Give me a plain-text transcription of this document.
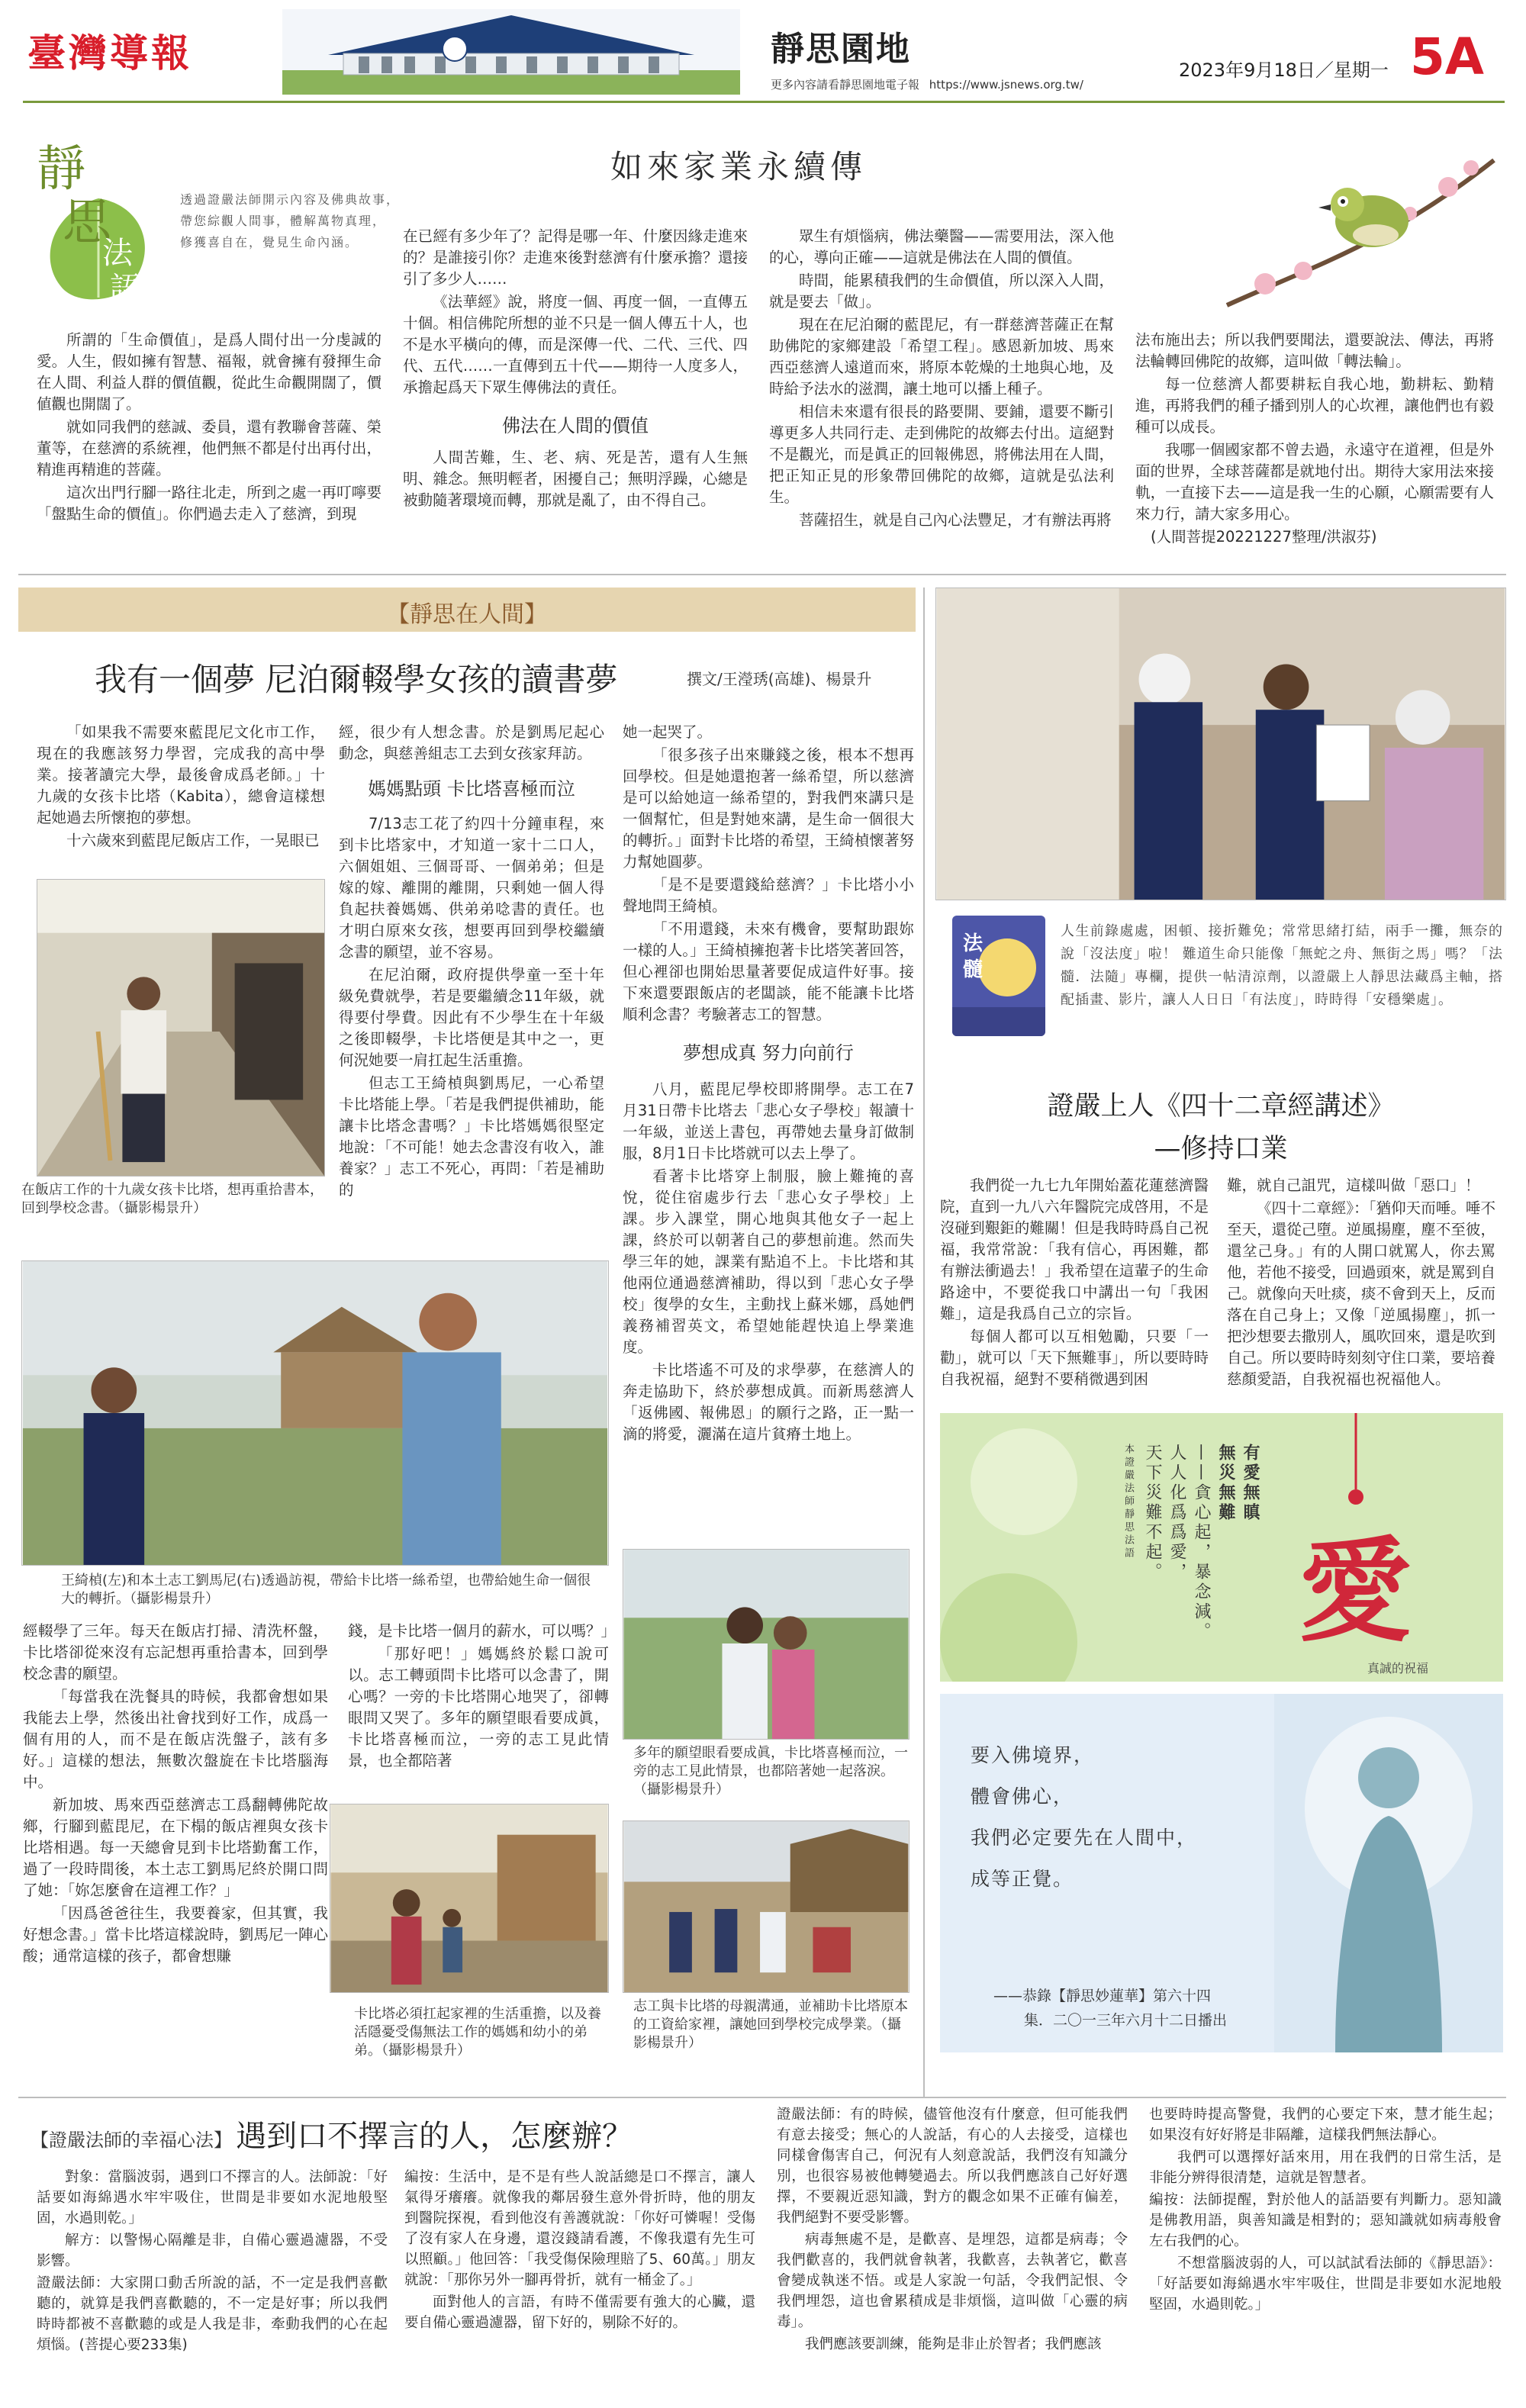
臺灣導報	靜思園地
更多內容請看靜思園地電子報 https://www.jsnews.org.tw/
2023年9月18日／星期一 5A
靜
思
法
語
透過證嚴法師開示內容及佛典故事，
帶您綜觀人間事，體解萬物真理，
修獲喜自在，覺見生命內涵。
如來家業永續傳

所謂的「生命價值」，是爲人間付出一分虔誠的愛。人生，假如擁有智慧、福報，就會擁有發揮生命在人間、利益人群的價值觀，從此生命觀開闊了，價値觀也開闊了。

就如同我們的慈誠、委員，還有教聯會菩薩、榮董等，在慈濟的系統裡，他們無不都是付出再付出，精進再精進的菩薩。

這次出門行腳一路往北走，所到之處一再叮嚀要「盤點生命的價值」。你們過去走入了慈濟，到現

在已經有多少年了？記得是哪一年、什麼因緣走進來的？是誰接引你？走進來後對慈濟有什麼承擔？還接引了多少人……

《法華經》說，將度一個、再度一個，一直傳五十個。相信佛陀所想的並不只是一個人傳五十人，也不是水平橫向的傳，而是深傳一代、二代、三代、四代、五代……一直傳到五十代——期待一人度多人，承擔起爲天下眾生傳佛法的責任。

佛法在人間的價值

人間苦難，生、老、病、死是苦，還有人生無明、雜念。無明輕者，困擾自己；無明浮躁，心總是被動隨著環境而轉，那就是亂了，由不得自己。

眾生有煩惱病，佛法藥醫——需要用法，深入他的心，導向正確——這就是佛法在人間的價值。

時間，能累積我們的生命價值，所以深入人間，就是要去「做」。

現在在尼泊爾的藍毘尼，有一群慈濟菩薩正在幫助佛陀的家鄉建設「希望工程」。感恩新加坡、馬來西亞慈濟人遠道而來，將原本乾燥的土地與心地，及時給予法水的滋潤，讓土地可以播上種子。

相信未來還有很長的路要開、要鋪，還要不斷引導更多人共同行走、走到佛陀的故鄉去付出。這絕對不是觀光，而是眞正的回報佛恩，將佛法用在人間，把正知正見的形象帶回佛陀的故鄉，這就是弘法利生。

菩薩招生，就是自己內心法豐足，才有辦法再將

法布施出去；所以我們要聞法，還要說法、傳法，再將法輪轉回佛陀的故鄉，這叫做「轉法輪」。

每一位慈濟人都要耕耘自我心地，勤耕耘、勤精進，再將我們的種子播到別人的心坎裡，讓他們也有毅種可以成長。

我哪一個國家都不曾去過，永遠守在道裡，但是外面的世界，全球菩薩都是就地付出。期待大家用法來接軌，一直接下去——這是我一生的心願，心願需要有人來力行，請大家多用心。

(人間菩提20221227整理/洪淑芬)
【靜思在人間】
我有一個夢 尼泊爾輟學女孩的讀書夢	撰文/王瀅琇(高雄)、楊景升

「如果我不需要來藍毘尼文化市工作，現在的我應該努力學習，完成我的高中學業。接著讀完大學，最後會成爲老師。」十九歲的女孩卡比塔（Kabita），總會這樣想起她過去所懷抱的夢想。

十六歲來到藍毘尼飯店工作，一晃眼已

在飯店工作的十九歲女孩卡比塔，想再重拾書本，回到學校念書。（攝影楊景升）

經，很少有人想念書。於是劉馬尼起心動念，與慈善組志工去到女孩家拜訪。

媽媽點頭 卡比塔喜極而泣

7/13志工花了約四十分鐘車程，來到卡比塔家中，才知道一家十二口人，六個姐姐、三個哥哥、一個弟弟；但是嫁的嫁、離開的離開，只剩她一個人得負起扶養媽媽、供弟弟唸書的責任。也才明白原來女孩，想要再回到學校繼續念書的願望，並不容易。

在尼泊爾，政府提供學童一至十年級免費就學，若是要繼續念11年級，就得要付學費。因此有不少學生在十年級之後即輟學，卡比塔便是其中之一，更何況她要一肩扛起生活重擔。

但志工王綺楨與劉馬尼，一心希望卡比塔能上學。「若是我們提供補助，能讓卡比塔念書嗎？」卡比塔媽媽很堅定地說：「不可能！她去念書沒有收入，誰養家？」志工不死心，再問：「若是補助的

她一起哭了。

「很多孩子出來賺錢之後，根本不想再回學校。但是她還抱著一絲希望，所以慈濟是可以給她這一絲希望的，對我們來講只是一個幫忙，但是對她來講，是生命一個很大的轉折。」面對卡比塔的希望，王綺楨懷著努力幫她圓夢。

「是不是要還錢給慈濟？」卡比塔小小聲地問王綺楨。

「不用還錢，未來有機會，要幫助跟妳一樣的人。」王綺楨擁抱著卡比塔笑著回答，但心裡卻也開始思量著要促成這件好事。接下來還要跟飯店的老闆談，能不能讓卡比塔順利念書？考驗著志工的智慧。

夢想成真 努力向前行

八月，藍毘尼學校即將開學。志工在7月31日帶卡比塔去「悲心女子學校」報讀十一年級，並送上書包，再帶她去量身訂做制服，8月1日卡比塔就可以去上學了。

看著卡比塔穿上制服，臉上難掩的喜悅，從住宿處步行去「悲心女子學校」上課。步入課堂，開心地與其他女子一起上課，終於可以朝著自己的夢想前進。然而失學三年的她，課業有點追不上。卡比塔和其他兩位通過慈濟補助，得以到「悲心女子學校」復學的女生，主動找上蘇米娜，爲她們義務補習英文，希望她能趕快追上學業進度。

卡比塔遙不可及的求學夢，在慈濟人的奔走協助下，終於夢想成眞。而新馬慈濟人「返佛國、報佛恩」的願行之路，正一點一滴的將愛，灑滿在這片貧瘠土地上。

王綺楨(左)和本土志工劉馬尼(右)透過訪視，帶給卡比塔一絲希望，也帶給她生命一個很大的轉折。（攝影楊景升）

經輟學了三年。每天在飯店打掃、清洗杯盤，卡比塔卻從來沒有忘記想再重拾書本，回到學校念書的願望。

「每當我在洗餐具的時候，我都會想如果我能去上學，然後出社會找到好工作，成爲一個有用的人，而不是在飯店洗盤子，該有多好。」這樣的想法，無數次盤旋在卡比塔腦海中。

新加坡、馬來西亞慈濟志工爲翻轉佛陀故鄉，行腳到藍毘尼，在下榻的飯店裡與女孩卡比塔相遇。每一天總會見到卡比塔勤奮工作，過了一段時間後，本土志工劉馬尼終於開口問了她：「妳怎麼會在這裡工作？」

「因爲爸爸往生，我要養家，但其實，我好想念書。」當卡比塔這樣說時，劉馬尼一陣心酸；通常這樣的孩子，都會想賺

錢，是卡比塔一個月的薪水，可以嗎？」

「那好吧！」媽媽終於鬆口說可以。志工轉頭問卡比塔可以念書了，開心嗎？一旁的卡比塔開心地哭了，卻轉眼問又哭了。多年的願望眼看要成眞，卡比塔喜極而泣，一旁的志工見此情景，也全都陪著

卡比塔必須扛起家裡的生活重擔，以及養活隱憂受傷無法工作的媽媽和幼小的弟弟。（攝影楊景升）
多年的願望眼看要成眞，卡比塔喜極而泣，一旁的志工見此情景，也都陪著她一起落淚。（攝影楊景升）
志工與卡比塔的母親溝通，並補助卡比塔原本的工資給家裡，讓她回到學校完成學業。（攝影楊景升）
法髓
人生前錄處處，困頓、接折難免；常常思緒打結，兩手一攤，無奈的說「沒法度」啦！ 難道生命只能像「無蛇之舟、無街之馬」嗎？「法髓．法隨」專欄，提供一帖清涼劑，以證嚴上人靜思法藏爲主軸，搭配插畫、影片，讓人人日日「有法度」，時時得「安穩樂處」。
證嚴上人《四十二章經講述》
—修持口業

我們從一九七九年開始蓋花蓮慈濟醫院，直到一九八六年醫院完成啓用，不是沒碰到艱鉅的難關！但是我時時爲自己祝福，我常常說：「我有信心，再困難，都有辦法衝過去！」我希望在這輩子的生命路途中，不要從我口中講出一句「我困難」，這是我爲自己立的宗旨。

每個人都可以互相勉勵，只要「一勸」，就可以「天下無難事」，所以要時時自我祝福，絕對不要稍微遇到困

難，就自己詛咒，這樣叫做「惡口」！

《四十二章經》：「猶仰天而唾。唾不至天，還從己墮。逆風揚塵，塵不至彼，還坌己身。」有的人開口就罵人，你去罵他，若他不接受，回過頭來，就是罵到自己。就像向天吐痰，痰不會到天上，反而落在自己身上；又像「逆風揚塵」，抓一把沙想要去撒別人，風吹回來，還是吹到自己。所以要時時刻刻守住口業，要培養慈顏愛語，自我祝福也祝福他人。

愛
有愛無瞋
無災無難
——貪心起，暴念減。
人人化爲爲愛，
天下災難不起。
本證嚴法師靜思法語
真誠的祝福
要入佛境界，
體會佛心，
我們必定要先在人間中，
成等正覺。
——恭錄【靜思妙蓮華】第六十四
集．二〇一三年六月十二日播出
【證嚴法師的幸福心法】 遇到口不擇言的人，怎麼辦？

對象：當腦波弱，遇到口不擇言的人。法師說：「好話要如海綿遇水牢牢吸住，世間是非要如水泥地般堅固，水過則乾。」

解方：以警惕心隔離是非，自備心靈過濾器，不受影響。

證嚴法師：大家開口動舌所說的話，不一定是我們喜歡聽的，就算是我們喜歡聽的，不一定是好事；所以我們時時都被不喜歡聽的或是人我是非，牽動我們的心在起煩惱。(菩提心要233集)

編按：生活中，是不是有些人說話總是口不擇言，讓人氣得牙癢癢。就像我的鄰居發生意外骨折時，他的朋友到醫院探視，看到他沒有善護就說：「你好可憐喔！受傷了沒有家人在身邊，還沒錢請看護，不像我還有先生可以照顧。」他回答：「我受傷保險理賠了5、60萬。」朋友就說：「那你另外一腳再骨折，就有一桶金了。」

面對他人的言語，有時不僅需要有強大的心臟，還要自備心靈過濾器，留下好的，剔除不好的。

證嚴法師：有的時候，儘管他沒有什麼意，但可能我們有意去接受；無心的人說話，有心的人去接受，這樣也同樣會傷害自己，何況有人刻意說話，我們沒有知識分別，也很容易被他轉變過去。所以我們應該自己好好選擇，不要親近惡知識，對方的觀念如果不正確有偏差，我們絕對不要受影響。

病毒無處不是，是歡喜、是埋怨，這都是病毒；令我們歡喜的，我們就會執著，我歡喜，去執著它，歡喜會變成執迷不悟。或是人家說一句話，令我們記恨、令我們埋怨，這也會累積成是非煩惱，這叫做「心靈的病毒」。

我們應該要訓練，能夠是非止於智者；我們應該

也要時時提高警覺，我們的心要定下來，慧才能生起；如果沒有好好將是非隔離，這樣我們無法靜心。

我們可以選擇好話來用，用在我們的日常生活，是非能分辨得很清楚，這就是智慧者。

編按：法師提醒，對於他人的話語要有判斷力。惡知識是佛教用語，與善知識是相對的；惡知識就如病毒般會左右我們的心。

不想當腦波弱的人，可以試試看法師的《靜思語》：「好話要如海綿遇水牢牢吸住，世間是非要如水泥地般堅固，水過則乾。」
